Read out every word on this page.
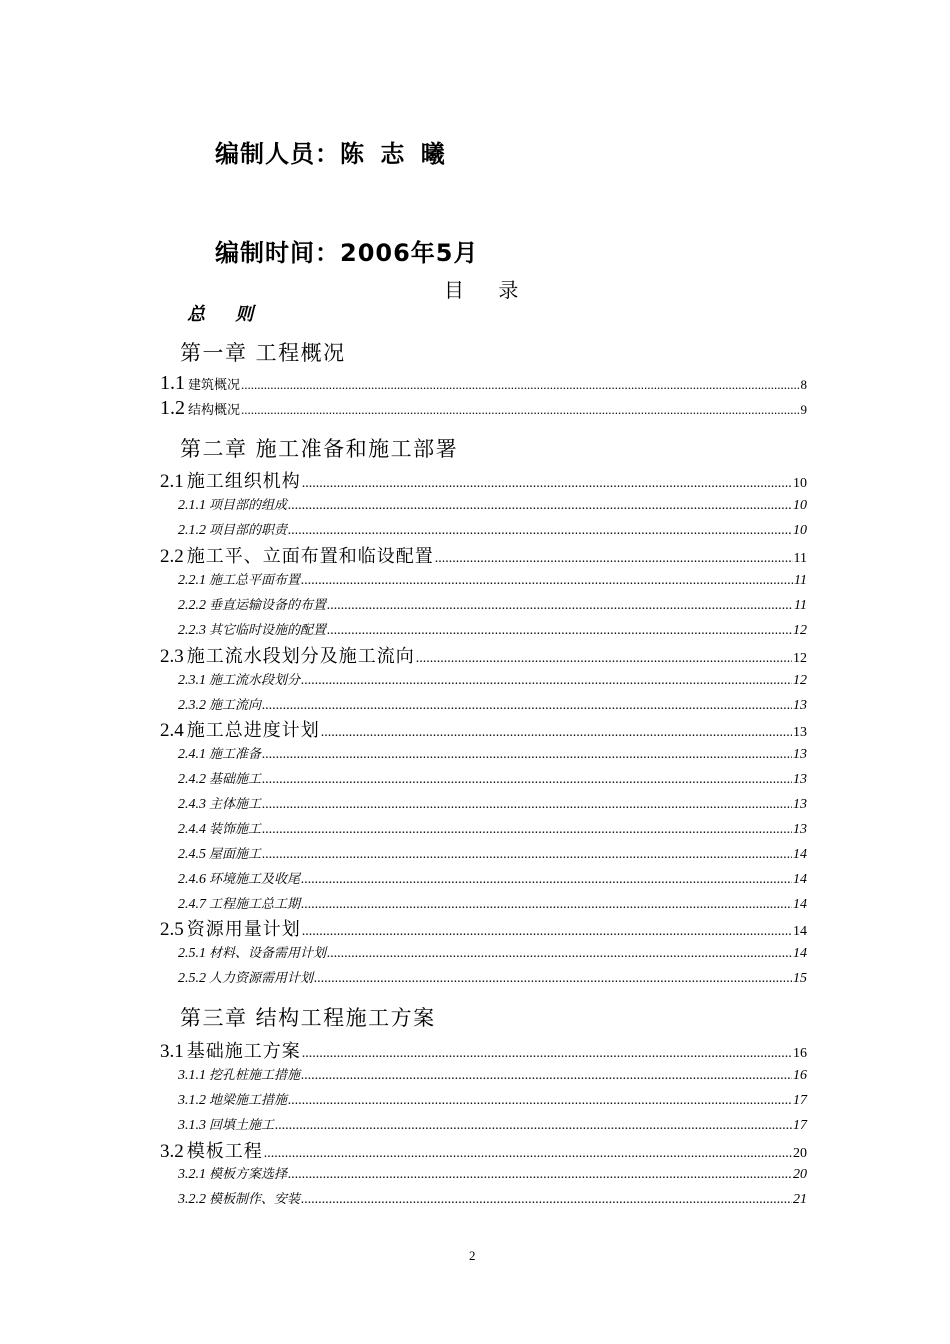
编制人员：陈 志 曦
编制时间：2006年5月
目 录
总 则
第一章 工程概况
第二章 施工准备和施工部署
第三章 结构工程施工方案
1.1 建筑概况 .....	8
1.2 结构概况 .....	9
2.1 施工组织机构 .....	10
2.1.1 项目部的组成 .....	10
2.1.2 项目部的职责 .....	10
2.2 施工平、立面布置和临设配置 .....	11
2.2.1 施工总平面布置 .....	11
2.2.2 垂直运输设备的布置 .....	11
2.2.3 其它临时设施的配置 .....	12
2.3 施工流水段划分及施工流向 .....	12
2.3.1 施工流水段划分 .....	12
2.3.2 施工流向 .....	13
2.4 施工总进度计划 .....	13
2.4.1 施工准备 .....	13
2.4.2 基础施工 .....	13
2.4.3 主体施工 .....	13
2.4.4 装饰施工 .....	13
2.4.5 屋面施工 .....	14
2.4.6 环境施工及收尾 .....	14
2.4.7 工程施工总工期 .....	14
2.5 资源用量计划 .....	14
2.5.1 材料、设备需用计划 .....	14
2.5.2 人力资源需用计划 .....	15
3.1 基础施工方案 .....	16
3.1.1 挖孔桩施工措施 .....	16
3.1.2 地梁施工措施 .....	17
3.1.3 回填土施工 .....	17
3.2 模板工程 .....	20
3.2.1 模板方案选择 .....	20
3.2.2 模板制作、安装 .....	21
2
